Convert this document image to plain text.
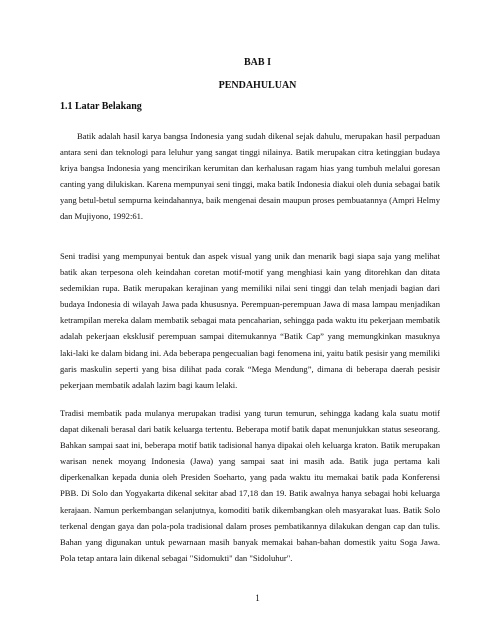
BAB I
PENDAHULUAN
1.1 Latar Belakang

Batik adalah hasil karya bangsa Indonesia yang sudah dikenal sejak dahulu, merupakan hasil perpaduan antara seni dan teknologi para leluhur yang sangat tinggi nilainya. Batik merupakan citra ketinggian budaya kriya bangsa Indonesia yang mencirikan kerumitan dan kerhalusan ragam hias yang tumbuh melalui goresan canting yang dilukiskan. Karena mempunyai seni tinggi, maka batik Indonesia diakui oleh dunia sebagai batik yang betul-betul sempurna keindahannya, baik mengenai desain maupun proses pembuatannya (Ampri Helmy dan Mujiyono, 1992:61.

Seni tradisi yang mempunyai bentuk dan aspek visual yang unik dan menarik bagi siapa saja yang melihat batik akan terpesona oleh keindahan coretan motif-motif yang menghiasi kain yang ditorehkan dan ditata sedemikian rupa. Batik merupakan kerajinan yang memiliki nilai seni tinggi dan telah menjadi bagian dari budaya Indonesia di wilayah Jawa pada khususnya. Perempuan-perempuan Jawa di masa lampau menjadikan ketrampilan mereka dalam membatik sebagai mata pencaharian, sehingga pada waktu itu pekerjaan membatik adalah pekerjaan eksklusif perempuan sampai ditemukannya “Batik Cap” yang memungkinkan masuknya laki-laki ke dalam bidang ini. Ada beberapa pengecualian bagi fenomena ini, yaitu batik pesisir yang memiliki garis maskulin seperti yang bisa dilihat pada corak “Mega Mendung”, dimana di beberapa daerah pesisir pekerjaan membatik adalah lazim bagi kaum lelaki.

Tradisi membatik pada mulanya merupakan tradisi yang turun temurun, sehingga kadang kala suatu motif dapat dikenali berasal dari batik keluarga tertentu. Beberapa motif batik dapat menunjukkan status seseorang. Bahkan sampai saat ini, beberapa motif batik tadisional hanya dipakai oleh keluarga kraton. Batik merupakan warisan nenek moyang Indonesia (Jawa) yang sampai saat ini masih ada. Batik juga pertama kali diperkenalkan kepada dunia oleh Presiden Soeharto, yang pada waktu itu memakai batik pada Konferensi PBB. Di Solo dan Yogyakarta dikenal sekitar abad 17,18 dan 19. Batik awalnya hanya sebagai hobi keluarga kerajaan. Namun perkembangan selanjutnya, komoditi batik dikembangkan oleh masyarakat luas. Batik Solo terkenal dengan gaya dan pola-pola tradisional dalam proses pembatikannya dilakukan dengan cap dan tulis. Bahan yang digunakan untuk pewarnaan masih banyak memakai bahan-bahan domestik yaitu Soga Jawa. Pola tetap antara lain dikenal sebagai "Sidomukti" dan "Sidoluhur".

1
